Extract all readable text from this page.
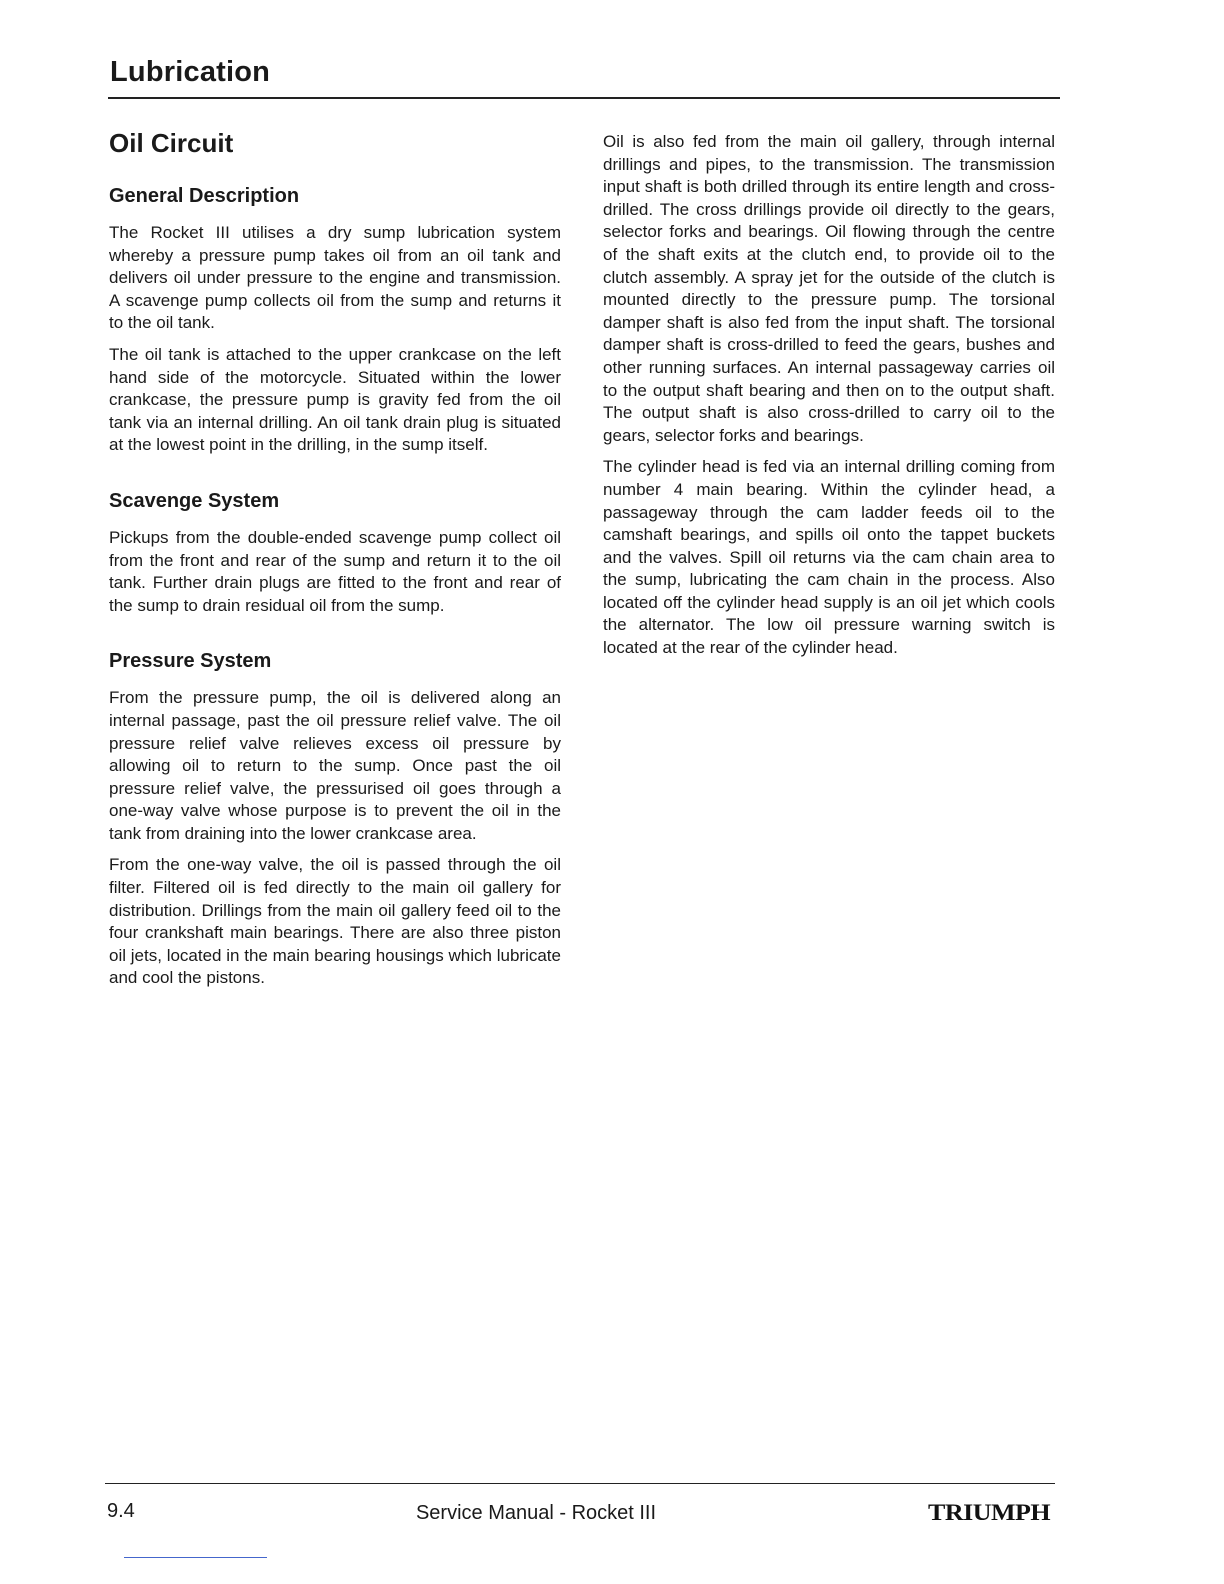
Lubrication
Oil Circuit
General Description

The Rocket III utilises a dry sump lubrication system whereby a pressure pump takes oil from an oil tank and delivers oil under pressure to the engine and transmission. A scavenge pump collects oil from the sump and returns it to the oil tank.

The oil tank is attached to the upper crankcase on the left hand side of the motorcycle. Situated within the lower crankcase, the pressure pump is gravity fed from the oil tank via an internal drilling. An oil tank drain plug is situated at the lowest point in the drilling, in the sump itself.

Scavenge System

Pickups from the double-ended scavenge pump collect oil from the front and rear of the sump and return it to the oil tank. Further drain plugs are fitted to the front and rear of the sump to drain residual oil from the sump.

Pressure System

From the pressure pump, the oil is delivered along an internal passage, past the oil pressure relief valve. The oil pressure relief valve relieves excess oil pressure by allowing oil to return to the sump. Once past the oil pressure relief valve, the pressurised oil goes through a one-way valve whose purpose is to prevent the oil in the tank from draining into the lower crankcase area.

From the one-way valve, the oil is passed through the oil filter. Filtered oil is fed directly to the main oil gallery for distribution. Drillings from the main oil gallery feed oil to the four crankshaft main bearings. There are also three piston oil jets, located in the main bearing housings which lubricate and cool the pistons.

Oil is also fed from the main oil gallery, through internal drillings and pipes, to the transmission. The transmission input shaft is both drilled through its entire length and cross-drilled. The cross drillings provide oil directly to the gears, selector forks and bearings. Oil flowing through the centre of the shaft exits at the clutch end, to provide oil to the clutch assembly. A spray jet for the outside of the clutch is mounted directly to the pressure pump. The torsional damper shaft is also fed from the input shaft. The torsional damper shaft is cross-drilled to feed the gears, bushes and other running surfaces. An internal passageway carries oil to the output shaft bearing and then on to the output shaft. The output shaft is also cross-drilled to carry oil to the gears, selector forks and bearings.

The cylinder head is fed via an internal drilling coming from number 4 main bearing. Within the cylinder head, a passageway through the cam ladder feeds oil to the camshaft bearings, and spills oil onto the tappet buckets and the valves. Spill oil returns via the cam chain area to the sump, lubricating the cam chain in the process. Also located off the cylinder head supply is an oil jet which cools the alternator. The low oil pressure warning switch is located at the rear of the cylinder head.

9.4	Service Manual - Rocket III	TRIUMPH
